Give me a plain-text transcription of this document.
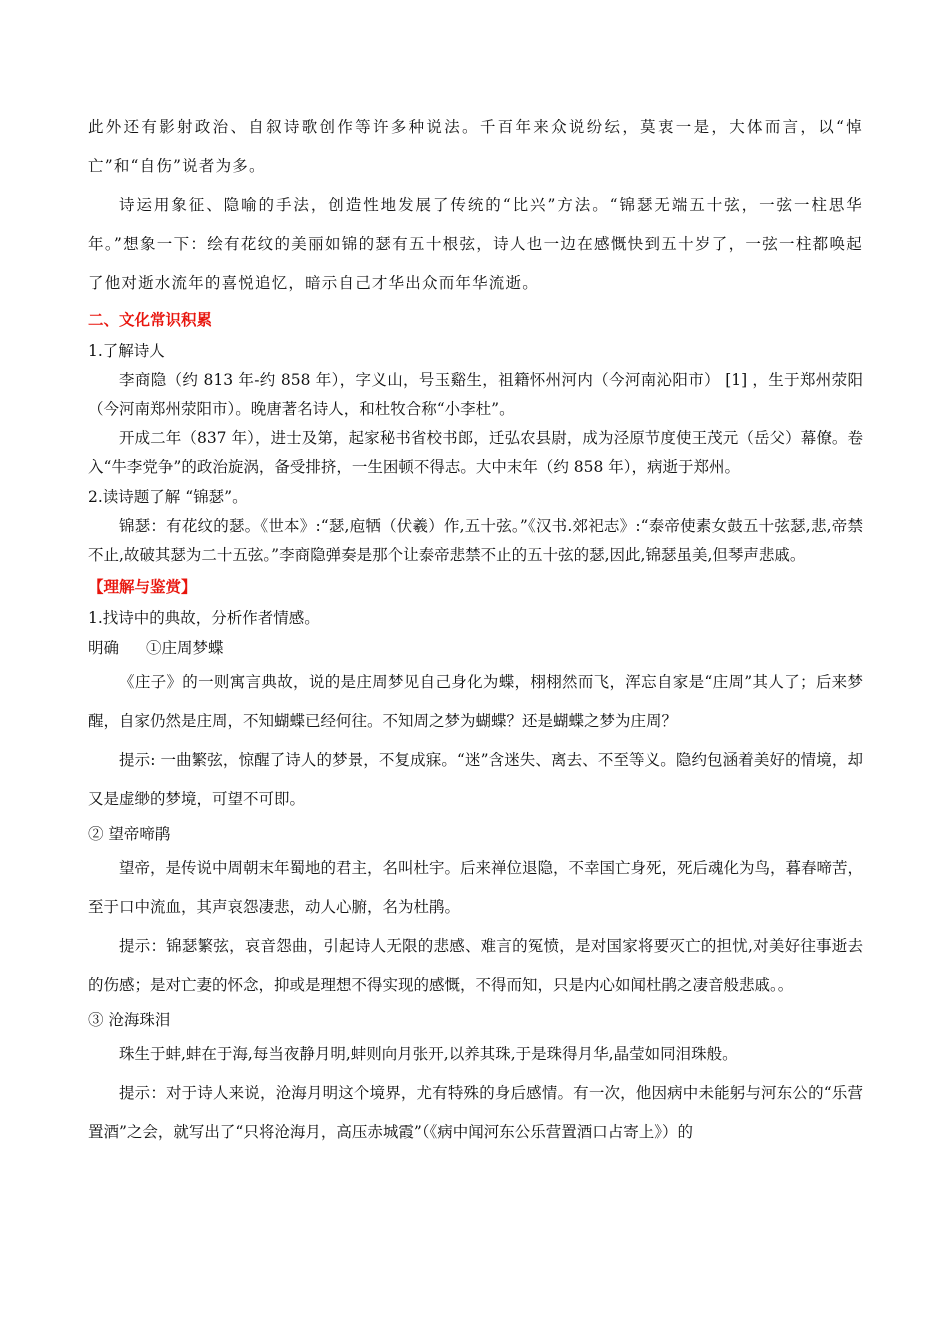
此外还有影射政治、自叙诗歌创作等许多种说法。千百年来众说纷纭，莫衷一是，大体而言，以“悼亡”和“自伤”说者为多。

诗运用象征、隐喻的手法，创造性地发展了传统的“比兴”方法。“锦瑟无端五十弦，一弦一柱思华年。”想象一下：绘有花纹的美丽如锦的瑟有五十根弦，诗人也一边在感慨快到五十岁了，一弦一柱都唤起了他对逝水流年的喜悦追忆，暗示自己才华出众而年华流逝。

二、文化常识积累

1.了解诗人

李商隐（约 813 年-约 858 年），字义山，号玉谿生，祖籍怀州河内（今河南沁阳市） [1] ，生于郑州荥阳（今河南郑州荥阳市）。晚唐著名诗人，和杜牧合称“小李杜”。

开成二年（837 年），进士及第，起家秘书省校书郎，迁弘农县尉，成为泾原节度使王茂元（岳父）幕僚。卷入“牛李党争”的政治旋涡，备受排挤，一生困顿不得志。大中末年（约 858 年），病逝于郑州。

2.读诗题了解 “锦瑟”。

锦瑟：有花纹的瑟。《世本》:“瑟,庖牺（伏羲）作,五十弦。”《汉书.郊祀志》:“泰帝使素女鼓五十弦瑟,悲,帝禁不止,故破其瑟为二十五弦。”李商隐弹奏是那个让泰帝悲禁不止的五十弦的瑟,因此,锦瑟虽美,但琴声悲戚。

【理解与鉴赏】

1.找诗中的典故，分析作者情感。

明确 ①庄周梦蝶

《庄子》的一则寓言典故，说的是庄周梦见自己身化为蝶，栩栩然而飞，浑忘自家是“庄周”其人了；后来梦醒，自家仍然是庄周，不知蝴蝶已经何往。不知周之梦为蝴蝶？还是蝴蝶之梦为庄周？

提示: 一曲繁弦，惊醒了诗人的梦景，不复成寐。“迷”含迷失、离去、不至等义。隐约包涵着美好的情境，却又是虚缈的梦境，可望不可即。

② 望帝啼鹃

望帝，是传说中周朝末年蜀地的君主，名叫杜宇。后来禅位退隐，不幸国亡身死，死后魂化为鸟，暮春啼苦，至于口中流血，其声哀怨凄悲，动人心腑，名为杜鹃。

提示：锦瑟繁弦，哀音怨曲，引起诗人无限的悲感、难言的冤愤，是对国家将要灭亡的担忧,对美好往事逝去的伤感；是对亡妻的怀念，抑或是理想不得实现的感慨，不得而知，只是内心如闻杜鹃之凄音般悲戚。。

③ 沧海珠泪

珠生于蚌,蚌在于海,每当夜静月明,蚌则向月张开,以养其珠,于是珠得月华,晶莹如同泪珠般。

提示：对于诗人来说，沧海月明这个境界，尤有特殊的身后感情。有一次，他因病中未能躬与河东公的“乐营置酒”之会，就写出了“只将沧海月，高压赤城霞”（《病中闻河东公乐营置酒口占寄上》）的
